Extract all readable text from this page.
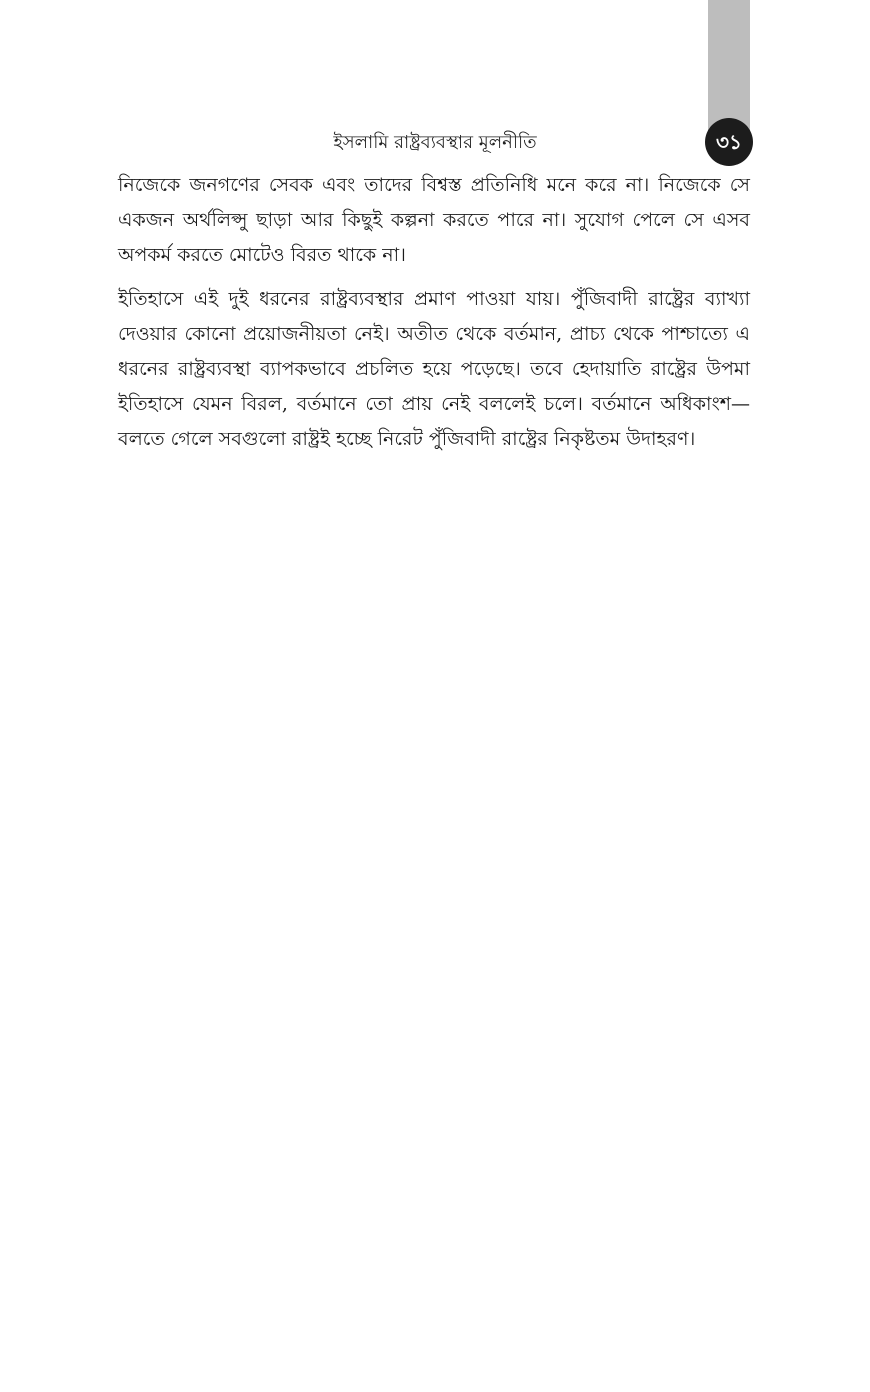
৩১
ইসলামি রাষ্ট্রব্যবস্থার মূলনীতি

নিজেকে জনগণের সেবক এবং তাদের বিশ্বস্ত প্রতিনিধি মনে করে না। নিজেকে সে একজন অর্থলিপ্সু ছাড়া আর কিছুই কল্পনা করতে পারে না। সুযোগ পেলে সে এসব অপকর্ম করতে মোটেও বিরত থাকে না।

ইতিহাসে এই দুই ধরনের রাষ্ট্রব্যবস্থার প্রমাণ পাওয়া যায়। পুঁজিবাদী রাষ্ট্রের ব্যাখ্যা দেওয়ার কোনো প্রয়োজনীয়তা নেই। অতীত থেকে বর্তমান, প্রাচ্য থেকে পাশ্চাত্যে এ ধরনের রাষ্ট্রব্যবস্থা ব্যাপকভাবে প্রচলিত হয়ে পড়েছে। তবে হেদায়াতি রাষ্ট্রের উপমা ইতিহাসে যেমন বিরল, বর্তমানে তো প্রায় নেই বললেই চলে। বর্তমানে অধিকাংশ—বলতে গেলে সবগুলো রাষ্ট্রই হচ্ছে নিরেট পুঁজিবাদী রাষ্ট্রের নিকৃষ্টতম উদাহরণ।
